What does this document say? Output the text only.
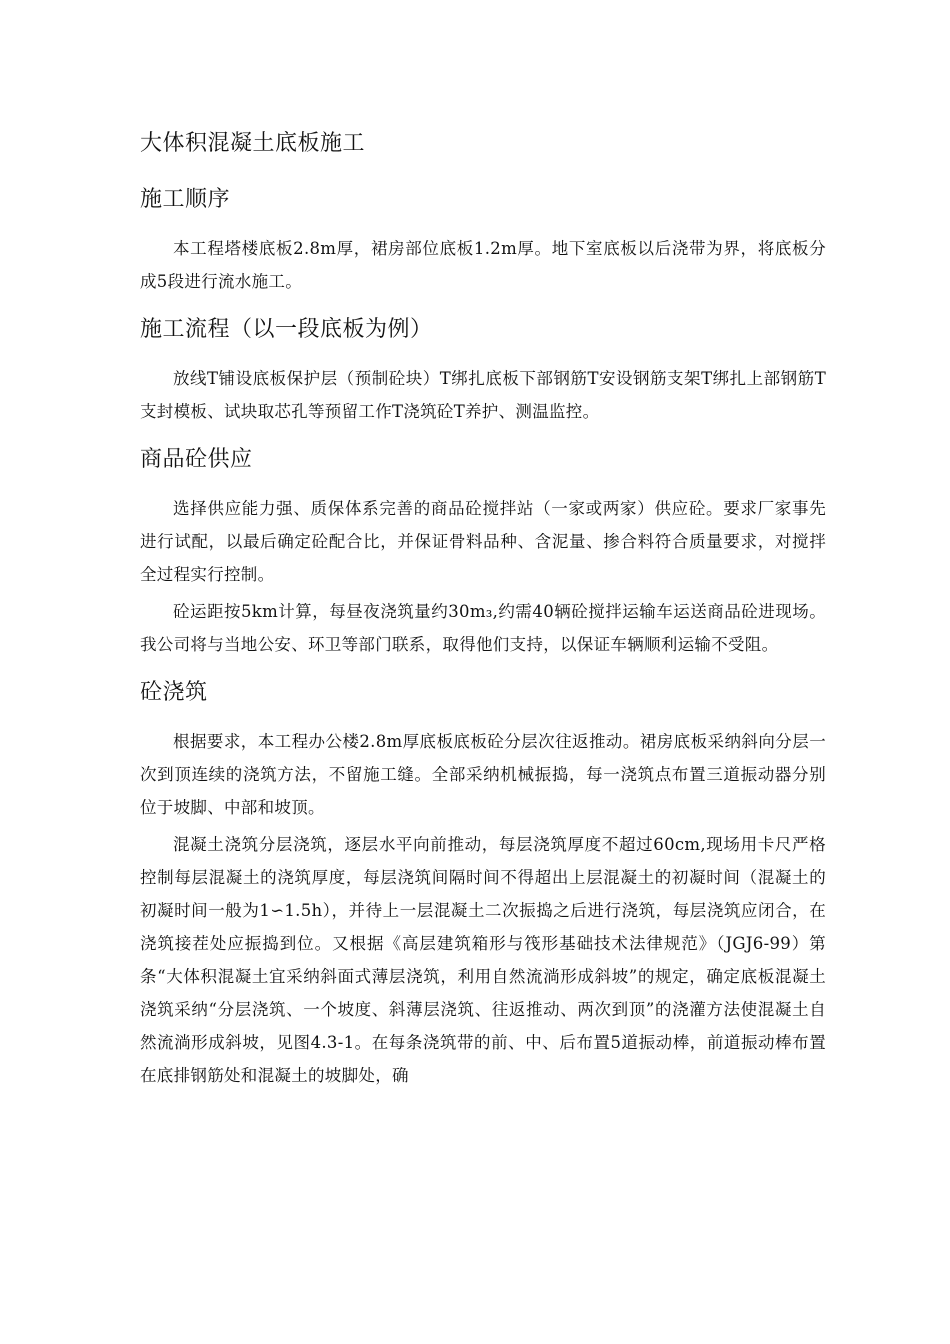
大体积混凝土底板施工
施工顺序

本工程塔楼底板2.8m厚，裙房部位底板1.2m厚。地下室底板以后浇带为界，将底板分成5段进行流水施工。

施工流程（以一段底板为例）

放线T铺设底板保护层（预制砼块）T绑扎底板下部钢筋T安设钢筋支架T绑扎上部钢筋T支封模板、试块取芯孔等预留工作T浇筑砼T养护、测温监控。

商品砼供应

选择供应能力强、质保体系完善的商品砼搅拌站（一家或两家）供应砼。要求厂家事先进行试配，以最后确定砼配合比，并保证骨料品种、含泥量、掺合料符合质量要求，对搅拌全过程实行控制。

砼运距按5km计算，每昼夜浇筑量约30m₃,约需40辆砼搅拌运输车运送商品砼进现场。我公司将与当地公安、环卫等部门联系，取得他们支持，以保证车辆顺利运输不受阻。

砼浇筑

根据要求，本工程办公楼2.8m厚底板底板砼分层次往返推动。裙房底板采纳斜向分层一次到顶连续的浇筑方法，不留施工缝。全部采纳机械振捣，每一浇筑点布置三道振动器分别位于坡脚、中部和坡顶。

混凝土浇筑分层浇筑，逐层水平向前推动，每层浇筑厚度不超过60cm,现场用卡尺严格控制每层混凝土的浇筑厚度，每层浇筑间隔时间不得超出上层混凝土的初凝时间（混凝土的初凝时间一般为1∽1.5h），并待上一层混凝土二次振捣之后进行浇筑，每层浇筑应闭合，在浇筑接茬处应振捣到位。又根据《高层建筑箱形与筏形基础技术法律规范》（JGJ6-99）第条“大体积混凝土宜采纳斜面式薄层浇筑，利用自然流淌形成斜坡”的规定，确定底板混凝土浇筑采纳“分层浇筑、一个坡度、斜薄层浇筑、往返推动、两次到顶”的浇灌方法使混凝土自然流淌形成斜坡，见图4.3-1。在每条浇筑带的前、中、后布置5道振动棒，前道振动棒布置在底排钢筋处和混凝土的坡脚处，确
